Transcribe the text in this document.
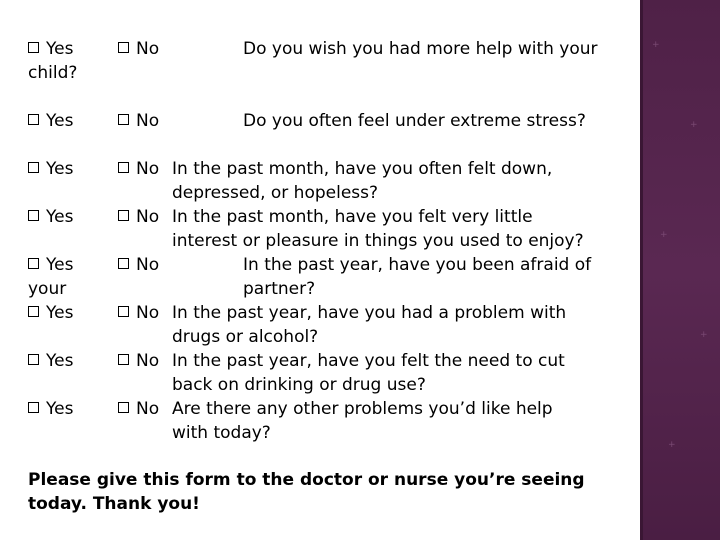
+
+
+
+
+
Yes	No	Do you wish you had more help with your
child?
Yes	No	Do you often feel under extreme stress?
Yes	No In the past month, have you often felt down,
depressed, or hopeless?
Yes	No In the past month, have you felt very little
interest or pleasure in things you used to enjoy?
Yes	No	In the past year, have you been afraid of
your	partner?
Yes	No In the past year, have you had a problem with
drugs or alcohol?
Yes	No In the past year, have you felt the need to cut
back on drinking or drug use?
Yes	No Are there any other problems you’d like help
with today?
Please give this form to the doctor or nurse you’re seeing
today. Thank you!
